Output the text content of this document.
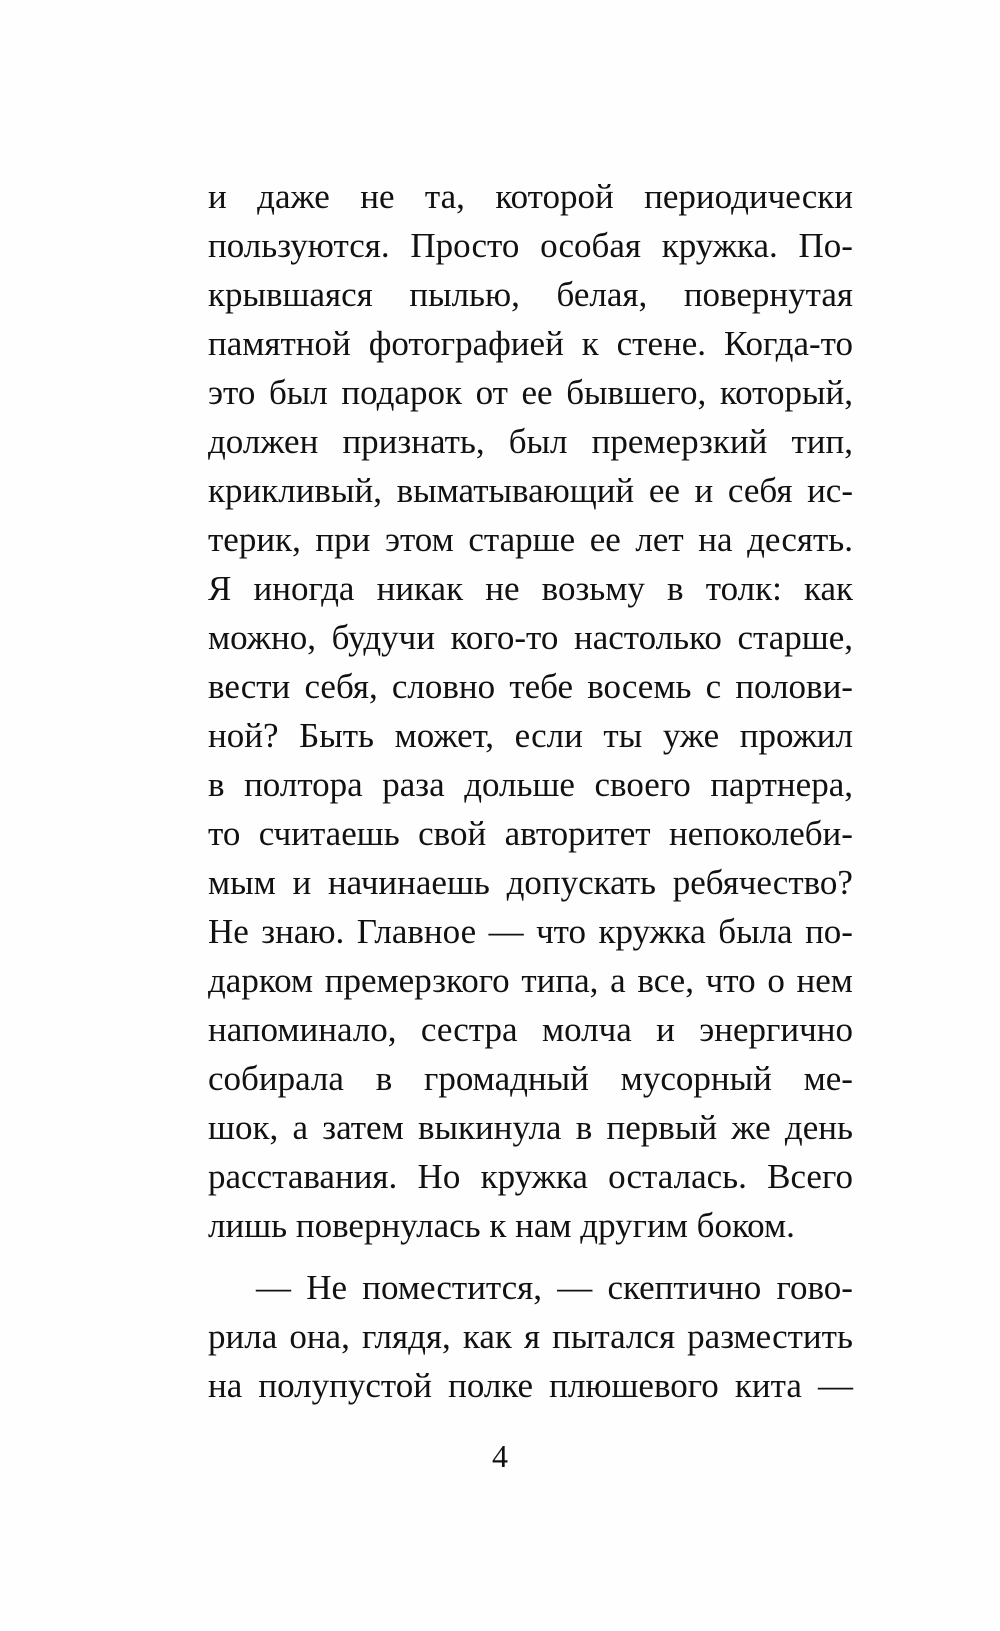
и даже не та, которой периодически
пользуются. Просто особая кружка. По-
крывшаяся пылью, белая, повернутая
памятной фотографией к стене. Когда-то
это был подарок от ее бывшего, который,
должен признать, был премерзкий тип,
крикливый, выматывающий ее и себя ис-
терик, при этом старше ее лет на десять.
Я иногда никак не возьму в толк: как
можно, будучи кого-то настолько старше,
вести себя, словно тебе восемь с полови-
ной? Быть может, если ты уже прожил
в полтора раза дольше своего партнера,
то считаешь свой авторитет непоколеби-
мым и начинаешь допускать ребячество?
Не знаю. Главное — что кружка была по-
дарком премерзкого типа, а все, что о нем
напоминало, сестра молча и энергично
собирала в громадный мусорный ме-
шок, а затем выкинула в первый же день
расставания. Но кружка осталась. Всего
лишь повернулась к нам другим боком.
— Не поместится, — скептично гово-
рила она, глядя, как я пытался разместить
на полупустой полке плюшевого кита —
4
